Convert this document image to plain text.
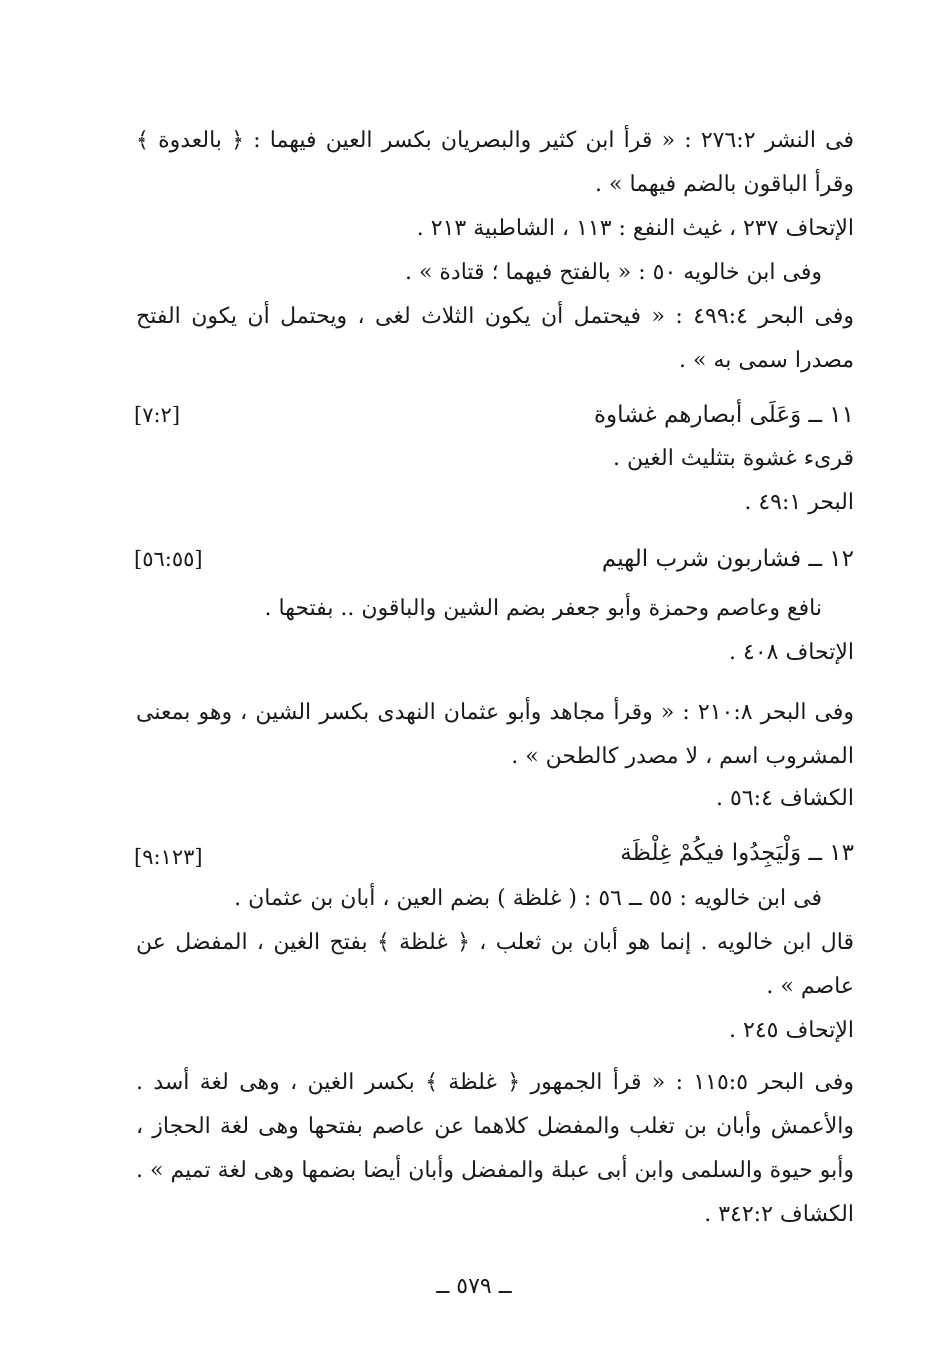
فى النشر ٢٧٦:٢ : « قرأ ابن كثير والبصريان بكسر العين فيهما : ﴿ بالعدوة ﴾
وقرأ الباقون بالضم فيهما » .
الإتحاف ٢٣٧ ، غيث النفع : ١١٣ ، الشاطبية ٢١٣ .
وفى ابن خالويه ٥٠ : « بالفتح فيهما ؛ قتادة » .
وفى البحر ٤٩٩:٤ : « فيحتمل أن يكون الثلاث لغى ، ويحتمل أن يكون الفتح
مصدرا سمى به » .
١١ ــ وَعَلَى أبصارهم غشاوة
[٧:٢]
قرىء غشوة بتثليث الغين .
البحر ٤٩:١ .
١٢ ــ فشاربون شرب الهيم
[٥٦:٥٥]
نافع وعاصم وحمزة وأبو جعفر بضم الشين والباقون .. بفتحها .
الإتحاف ٤٠٨ .
وفى البحر ٢١٠:٨ : « وقرأ مجاهد وأبو عثمان النهدى بكسر الشين ، وهو بمعنى
المشروب اسم ، لا مصدر كالطحن » .
الكشاف ٥٦:٤ .
١٣ ــ وَلْيَجِدُوا فيكُمْ غِلْظَة
[٩:١٢٣]
فى ابن خالويه : ٥٥ ــ ٥٦ : ( غلظة ) بضم العين ، أبان بن عثمان .
قال ابن خالويه . إنما هو أبان بن ثعلب ، ﴿ غلظة ﴾ بفتح الغين ، المفضل عن
عاصم » .
الإتحاف ٢٤٥ .
وفى البحر ١١٥:٥ : « قرأ الجمهور ﴿ غلظة ﴾ بكسر الغين ، وهى لغة أسد .
والأعمش وأبان بن تغلب والمفضل كلاهما عن عاصم بفتحها وهى لغة الحجاز ،
وأبو حيوة والسلمى وابن أبى عبلة والمفضل وأبان أيضا بضمها وهى لغة تميم » .
الكشاف ٣٤٢:٢ .
ــ ٥٧٩ ــ
